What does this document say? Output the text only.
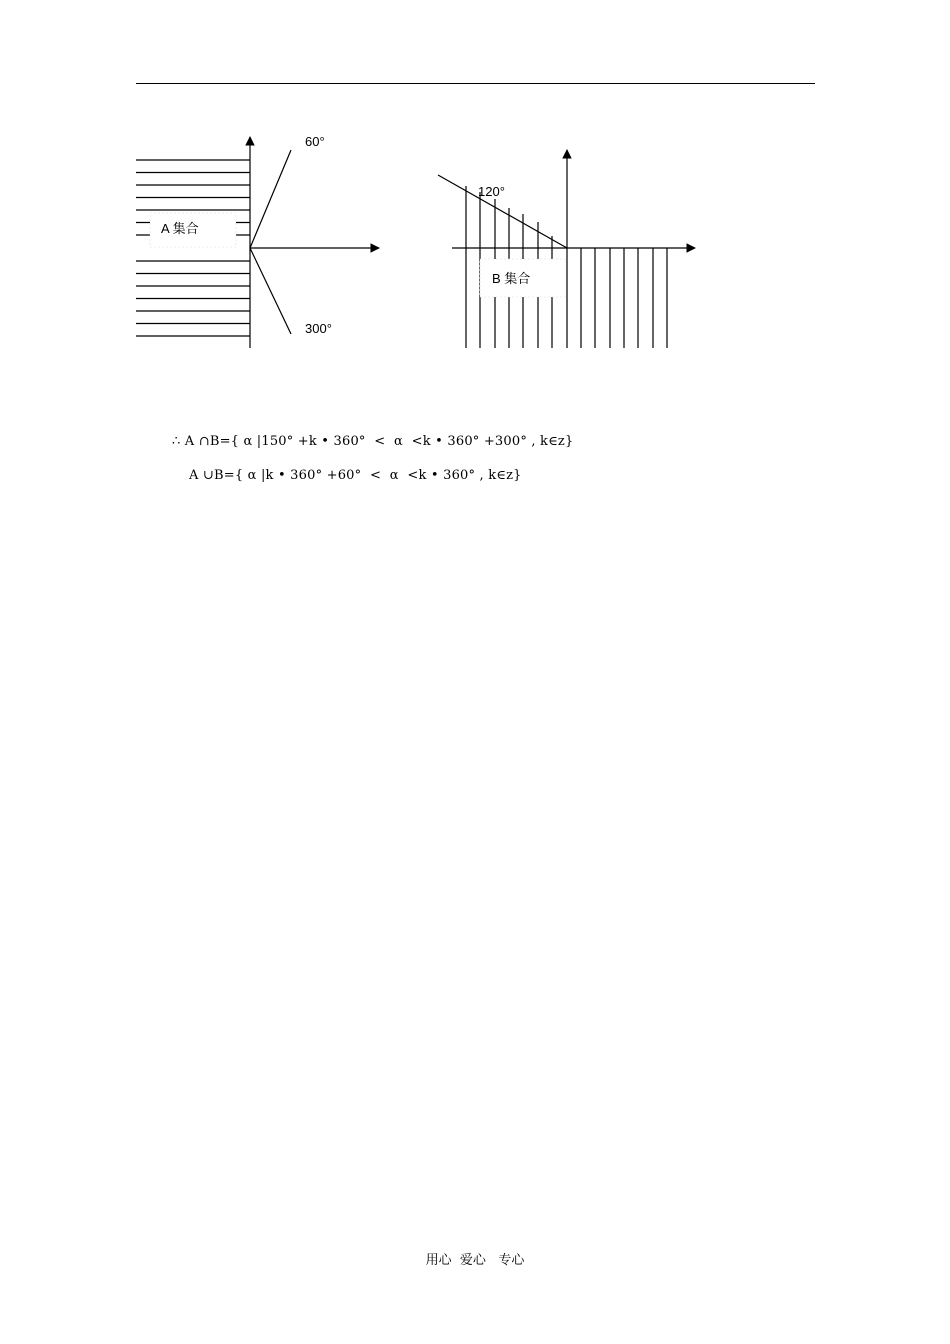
A 集合
60°
300°
B 集合
120°
∴ A ∩B={ α |150° +k • 360°  <  α  <k • 360° +300° , k∈z}
A ∪B={ α |k • 360° +60°  <  α  <k • 360° , k∈z}
用心  爱心   专心
